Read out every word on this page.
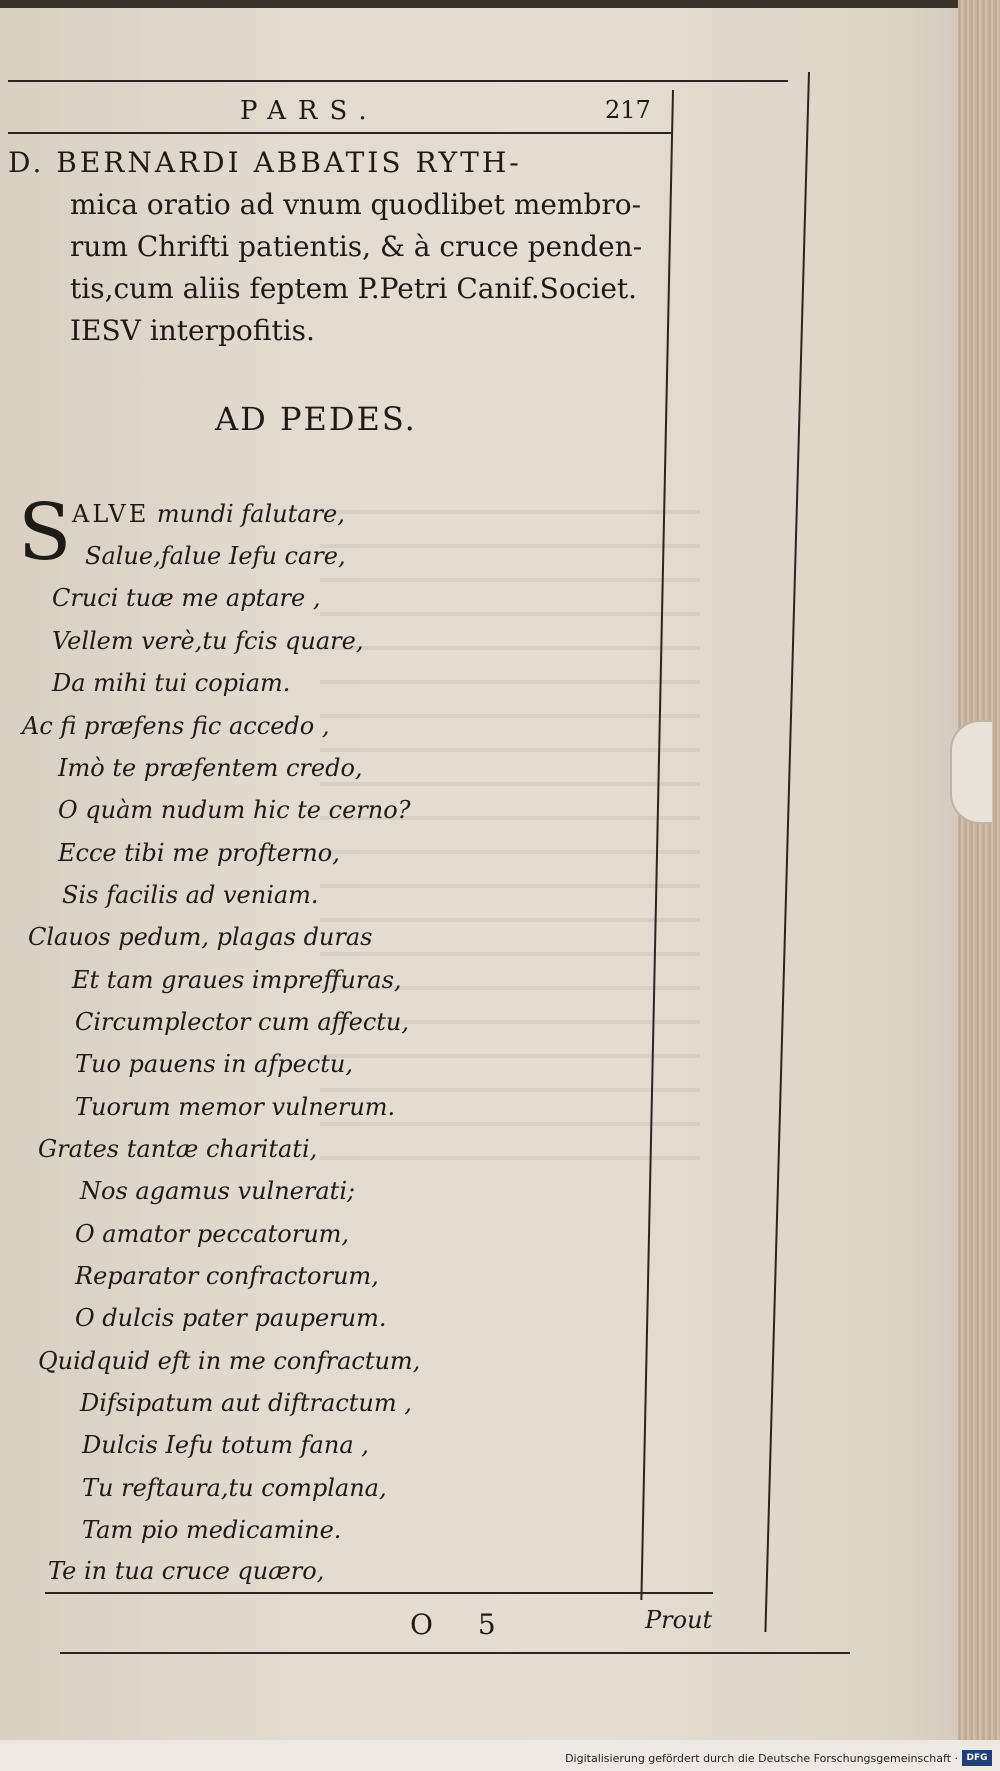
PARS.	217
D. BERNARDI ABBATIS RYTH-
mica oratio ad vnum quodlibet membro-
rum Chrifti patientis, & à cruce penden-
tis,cum aliis feptem P.Petri Canif.Societ.
IESV interpofitis.
AD PEDES.
S ALVE mundi falutare,
Salue,falue Iefu care,
Cruci tuæ me aptare ,
Vellem verè,tu fcis quare,
Da mihi tui copiam.
Ac fi præfens fic accedo ,
Imò te præfentem credo,
O quàm nudum hic te cerno?
Ecce tibi me profterno,
Sis facilis ad veniam.
Clauos pedum, plagas duras
Et tam graues impreffuras,
Circumplector cum affectu,
Tuo pauens in afpectu,
Tuorum memor vulnerum.
Grates tantæ charitati,
Nos agamus vulnerati;
O amator peccatorum,
Reparator confractorum,
O dulcis pater pauperum.
Quidquid eft in me confractum,
Difsipatum aut diftractum ,
Dulcis Iefu totum fana ,
Tu reftaura,tu complana,
Tam pio medicamine.
Te in tua cruce quæro,
O 5	Prout
Digitalisierung gefördert durch die Deutsche Forschungsgemeinschaft · DFG
